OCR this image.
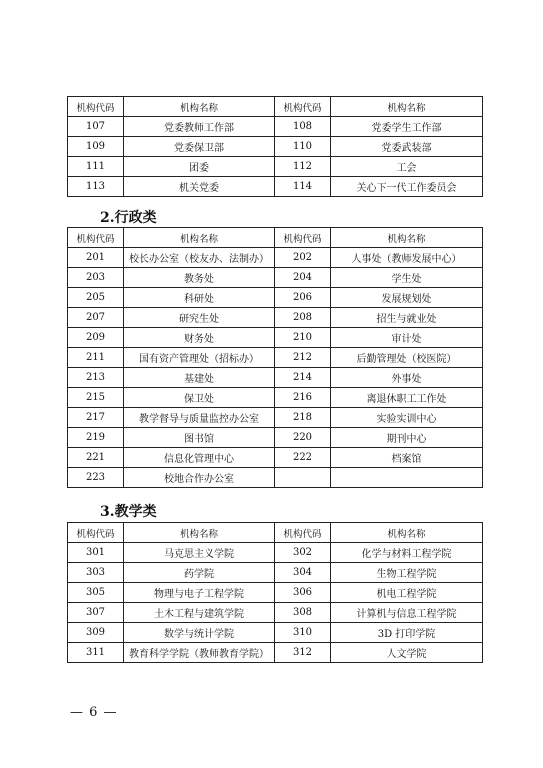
机构代码	机构名称	机构代码	机构名称
107	党委教师工作部	108	党委学生工作部
109	党委保卫部	110	党委武装部
111	团委	112	工会
113	机关党委	114	关心下一代工作委员会
2.行政类
机构代码	机构名称	机构代码	机构名称
201	校长办公室（校友办、法制办）	202	人事处（教师发展中心）
203	教务处	204	学生处
205	科研处	206	发展规划处
207	研究生处	208	招生与就业处
209	财务处	210	审计处
211	国有资产管理处（招标办）	212	后勤管理处（校医院）
213	基建处	214	外事处
215	保卫处	216	离退休职工工作处
217	教学督导与质量监控办公室	218	实验实训中心
219	图书馆	220	期刊中心
221	信息化管理中心	222	档案馆
223	校地合作办公室		
3.教学类
机构代码	机构名称	机构代码	机构名称
301	马克思主义学院	302	化学与材料工程学院
303	药学院	304	生物工程学院
305	物理与电子工程学院	306	机电工程学院
307	土木工程与建筑学院	308	计算机与信息工程学院
309	数学与统计学院	310	3D 打印学院
311	教育科学学院（教师教育学院）	312	人文学院
— 6 —
